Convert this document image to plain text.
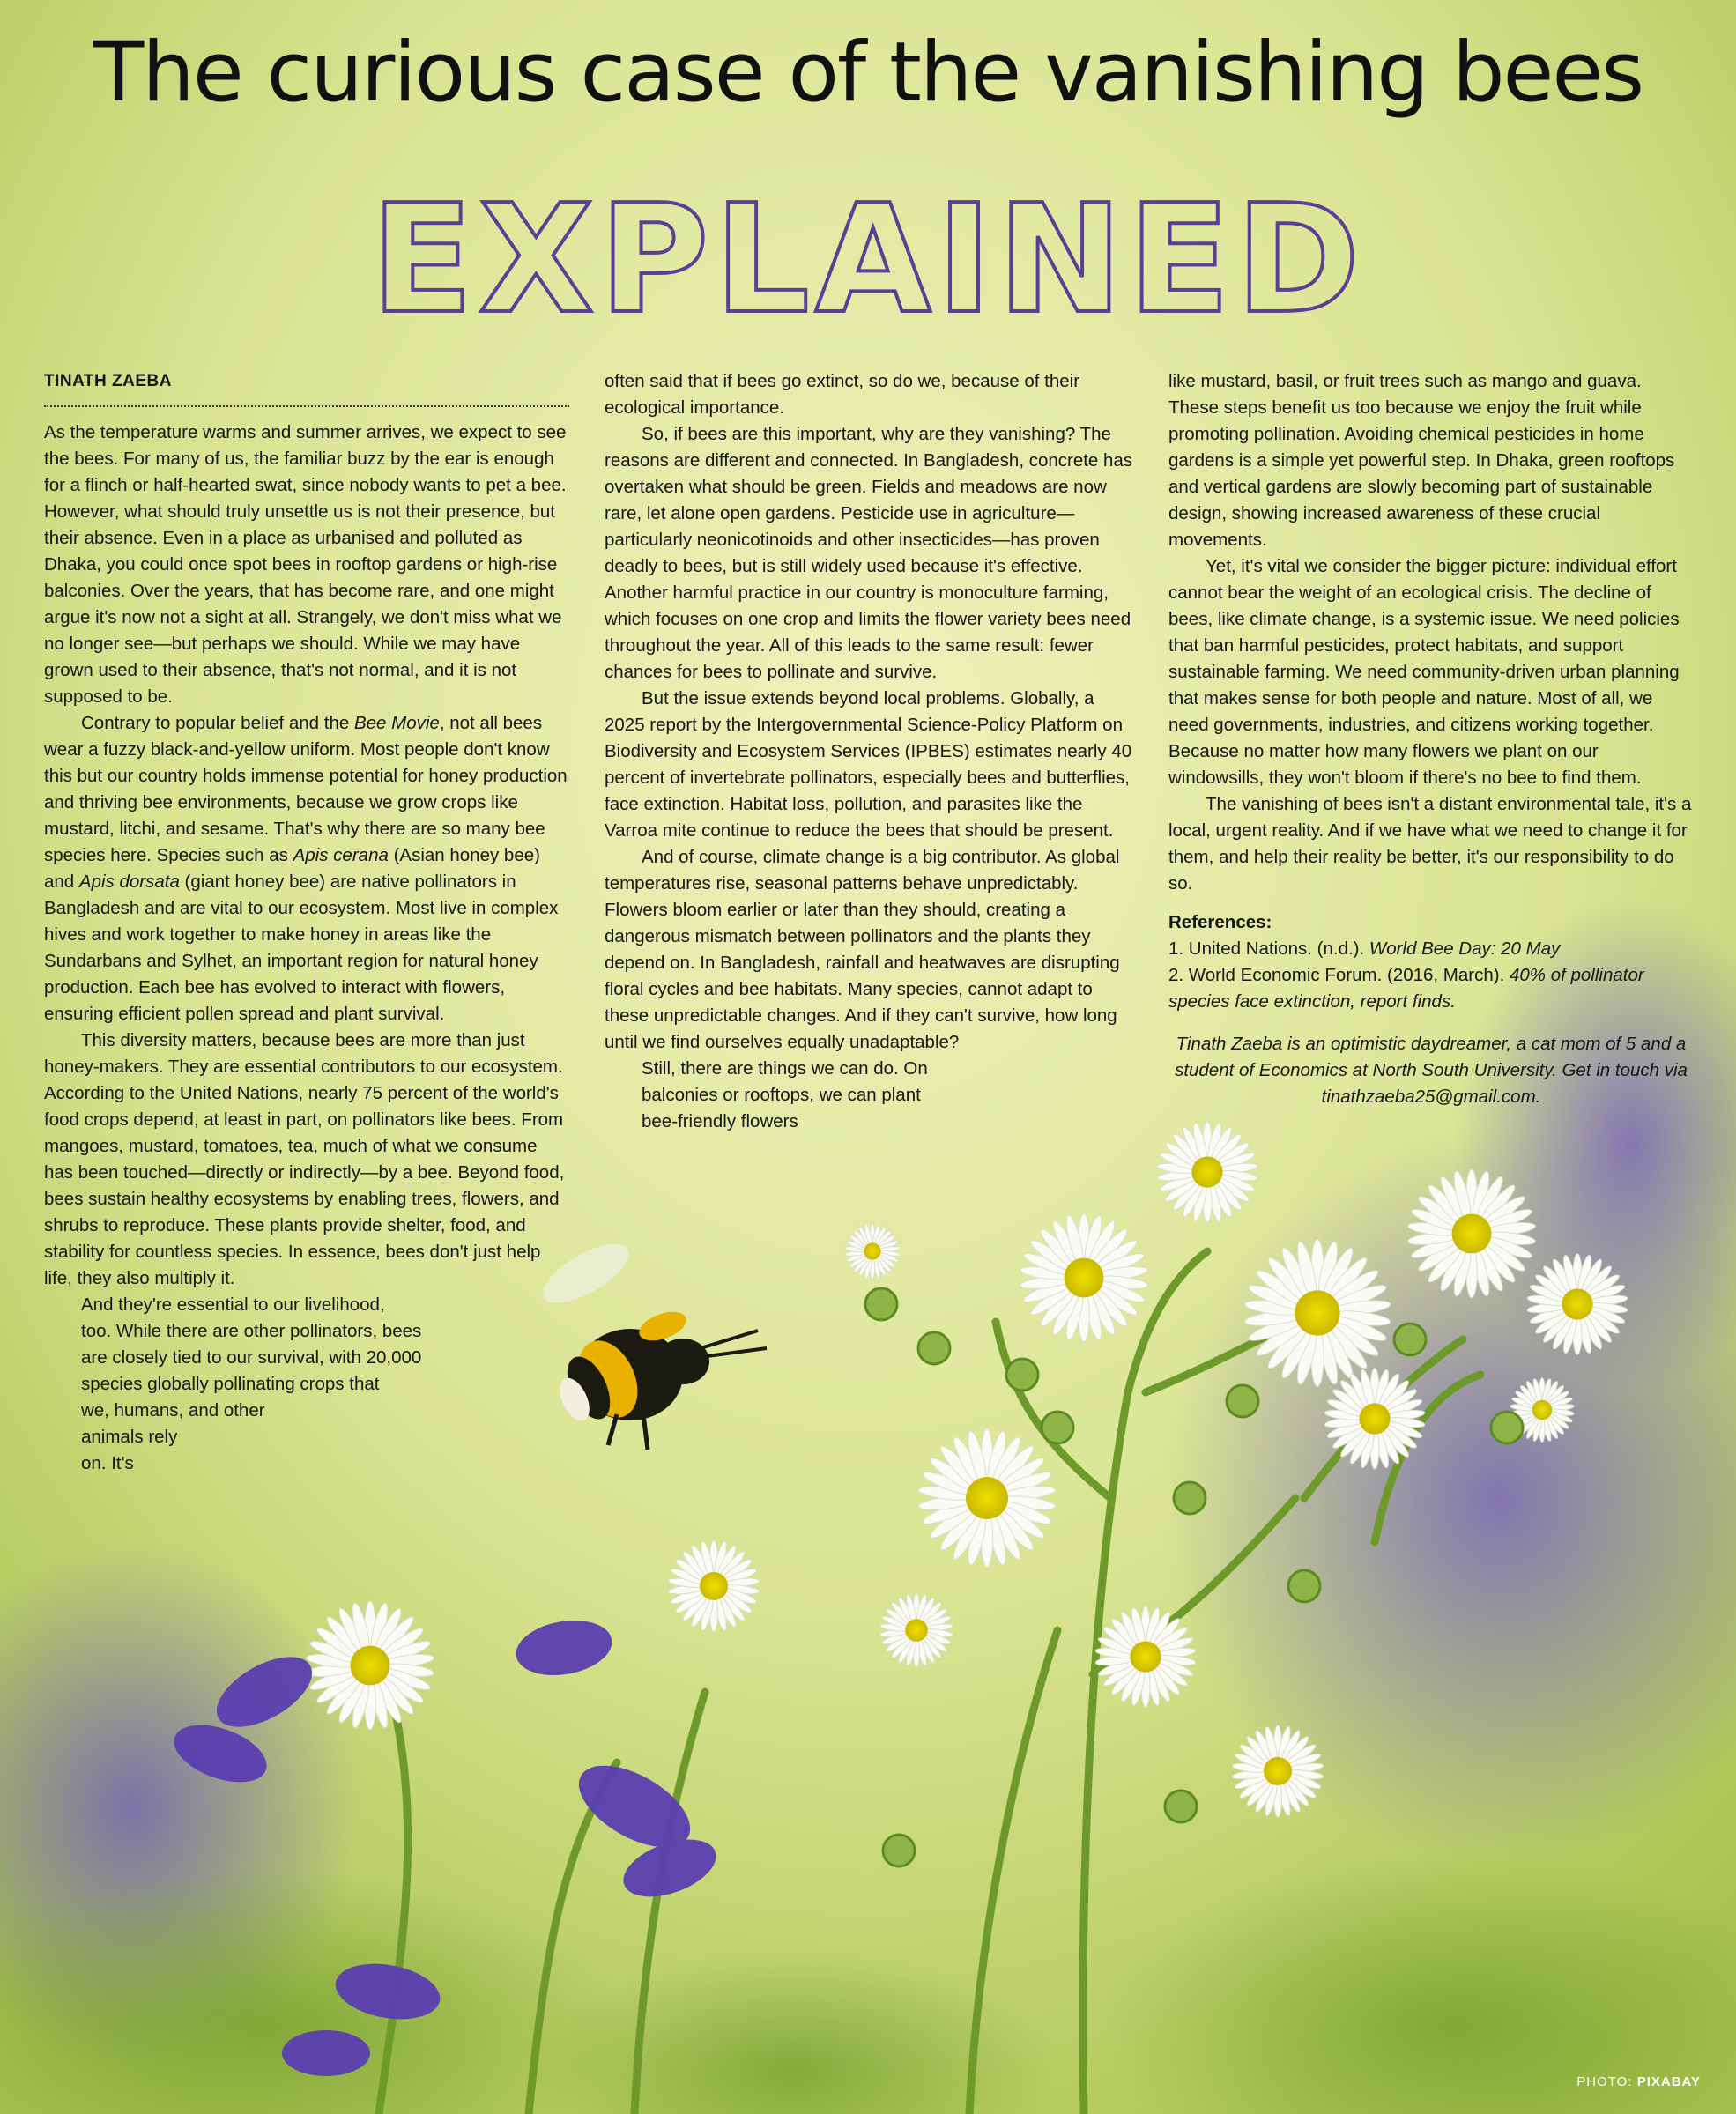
The curious case of the vanishing bees
EXPLAINED

TINATH ZAEBA

As the temperature warms and summer arrives, we expect to see the bees. For many of us, the familiar buzz by the ear is enough for a flinch or half-hearted swat, since nobody wants to pet a bee. However, what should truly unsettle us is not their presence, but their absence. Even in a place as urbanised and polluted as Dhaka, you could once spot bees in rooftop gardens or high-rise balconies. Over the years, that has become rare, and one might argue it's now not a sight at all. Strangely, we don't miss what we no longer see—but perhaps we should. While we may have grown used to their absence, that's not normal, and it is not supposed to be.

Contrary to popular belief and the Bee Movie, not all bees wear a fuzzy black-and-yellow uniform. Most people don't know this but our country holds immense potential for honey production and thriving bee environments, because we grow crops like mustard, litchi, and sesame. That's why there are so many bee species here. Species such as Apis cerana (Asian honey bee) and Apis dorsata (giant honey bee) are native pollinators in Bangladesh and are vital to our ecosystem. Most live in complex hives and work together to make honey in areas like the Sundarbans and Sylhet, an important region for natural honey production. Each bee has evolved to interact with flowers, ensuring efficient pollen spread and plant survival.

This diversity matters, because bees are more than just honey-makers. They are essential contributors to our ecosystem. According to the United Nations, nearly 75 percent of the world's food crops depend, at least in part, on pollinators like bees. From mangoes, mustard, tomatoes, tea, much of what we consume has been touched—directly or indirectly—by a bee. Beyond food, bees sustain healthy ecosystems by enabling trees, flowers, and shrubs to reproduce. These plants provide shelter, food, and stability for countless species. In essence, bees don't just help life, they also multiply it.

And they're essential to our livelihood,
too. While there are other pollinators, bees
are closely tied to our survival, with 20,000
species globally pollinating crops that
we, humans, and other
animals rely
on. It's

often said that if bees go extinct, so do we, because of their ecological importance.

So, if bees are this important, why are they vanishing? The reasons are different and connected. In Bangladesh, concrete has overtaken what should be green. Fields and meadows are now rare, let alone open gardens. Pesticide use in agriculture—particularly neonicotinoids and other insecticides—has proven deadly to bees, but is still widely used because it's effective. Another harmful practice in our country is monoculture farming, which focuses on one crop and limits the flower variety bees need throughout the year. All of this leads to the same result: fewer chances for bees to pollinate and survive.

But the issue extends beyond local problems. Globally, a 2025 report by the Intergovernmental Science-Policy Platform on Biodiversity and Ecosystem Services (IPBES) estimates nearly 40 percent of invertebrate pollinators, especially bees and butterflies, face extinction. Habitat loss, pollution, and parasites like the Varroa mite continue to reduce the bees that should be present.

And of course, climate change is a big contributor. As global temperatures rise, seasonal patterns behave unpredictably. Flowers bloom earlier or later than they should, creating a dangerous mismatch between pollinators and the plants they depend on. In Bangladesh, rainfall and heatwaves are disrupting floral cycles and bee habitats. Many species, cannot adapt to these unpredictable changes. And if they can't survive, how long until we find ourselves equally unadaptable?

Still, there are things we can do. On
balconies or rooftops, we can plant
bee-friendly flowers

like mustard, basil, or fruit trees such as mango and guava. These steps benefit us too because we enjoy the fruit while promoting pollination. Avoiding chemical pesticides in home gardens is a simple yet powerful step. In Dhaka, green rooftops and vertical gardens are slowly becoming part of sustainable design, showing increased awareness of these crucial movements.

Yet, it's vital we consider the bigger picture: individual effort cannot bear the weight of an ecological crisis. The decline of bees, like climate change, is a systemic issue. We need policies that ban harmful pesticides, protect habitats, and support sustainable farming. We need community-driven urban planning that makes sense for both people and nature. Most of all, we need governments, industries, and citizens working together. Because no matter how many flowers we plant on our windowsills, they won't bloom if there's no bee to find them.

The vanishing of bees isn't a distant environmental tale, it's a local, urgent reality. And if we have what we need to change it for them, and help their reality be better, it's our responsibility to do so.

References:

1. United Nations. (n.d.). World Bee Day: 20 May

2. World Economic Forum. (2016, March). 40% of pollinator species face extinction, report finds.

Tinath Zaeba is an optimistic daydreamer, a cat mom of 5 and a student of Economics at North South University. Get in touch via tinathzaeba25@gmail.com.

PHOTO: PIXABAY
